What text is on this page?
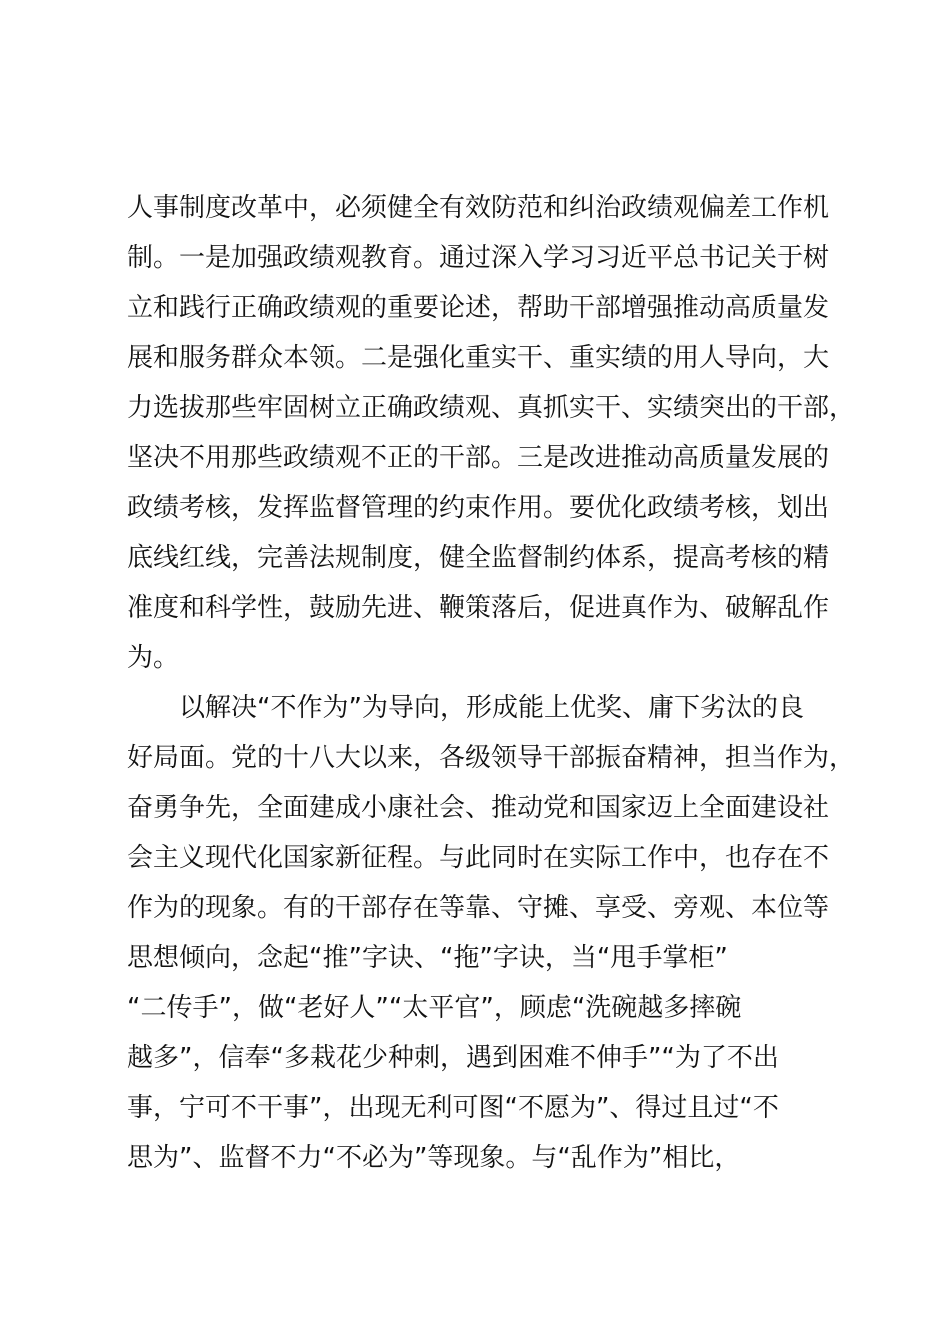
人事制度改革中，必须健全有效防范和纠治政绩观偏差工作机
制。一是加强政绩观教育。通过深入学习习近平总书记关于树
立和践行正确政绩观的重要论述，帮助干部增强推动高质量发
展和服务群众本领。二是强化重实干、重实绩的用人导向，大
力选拔那些牢固树立正确政绩观、真抓实干、实绩突出的干部，
坚决不用那些政绩观不正的干部。三是改进推动高质量发展的
政绩考核，发挥监督管理的约束作用。要优化政绩考核，划出
底线红线，完善法规制度，健全监督制约体系，提高考核的精
准度和科学性，鼓励先进、鞭策落后，促进真作为、破解乱作
为。
以解决“不作为”为导向，形成能上优奖、庸下劣汰的良
好局面。党的十八大以来，各级领导干部振奋精神，担当作为，
奋勇争先，全面建成小康社会、推动党和国家迈上全面建设社
会主义现代化国家新征程。与此同时在实际工作中，也存在不
作为的现象。有的干部存在等靠、守摊、享受、旁观、本位等
思想倾向，念起“推”字诀、“拖”字诀，当“甩手掌柜”
“二传手”，做“老好人”“太平官”，顾虑“洗碗越多摔碗
越多”，信奉“多栽花少种刺，遇到困难不伸手”“为了不出
事，宁可不干事”，出现无利可图“不愿为”、得过且过“不
思为”、监督不力“不必为”等现象。与“乱作为”相比，
